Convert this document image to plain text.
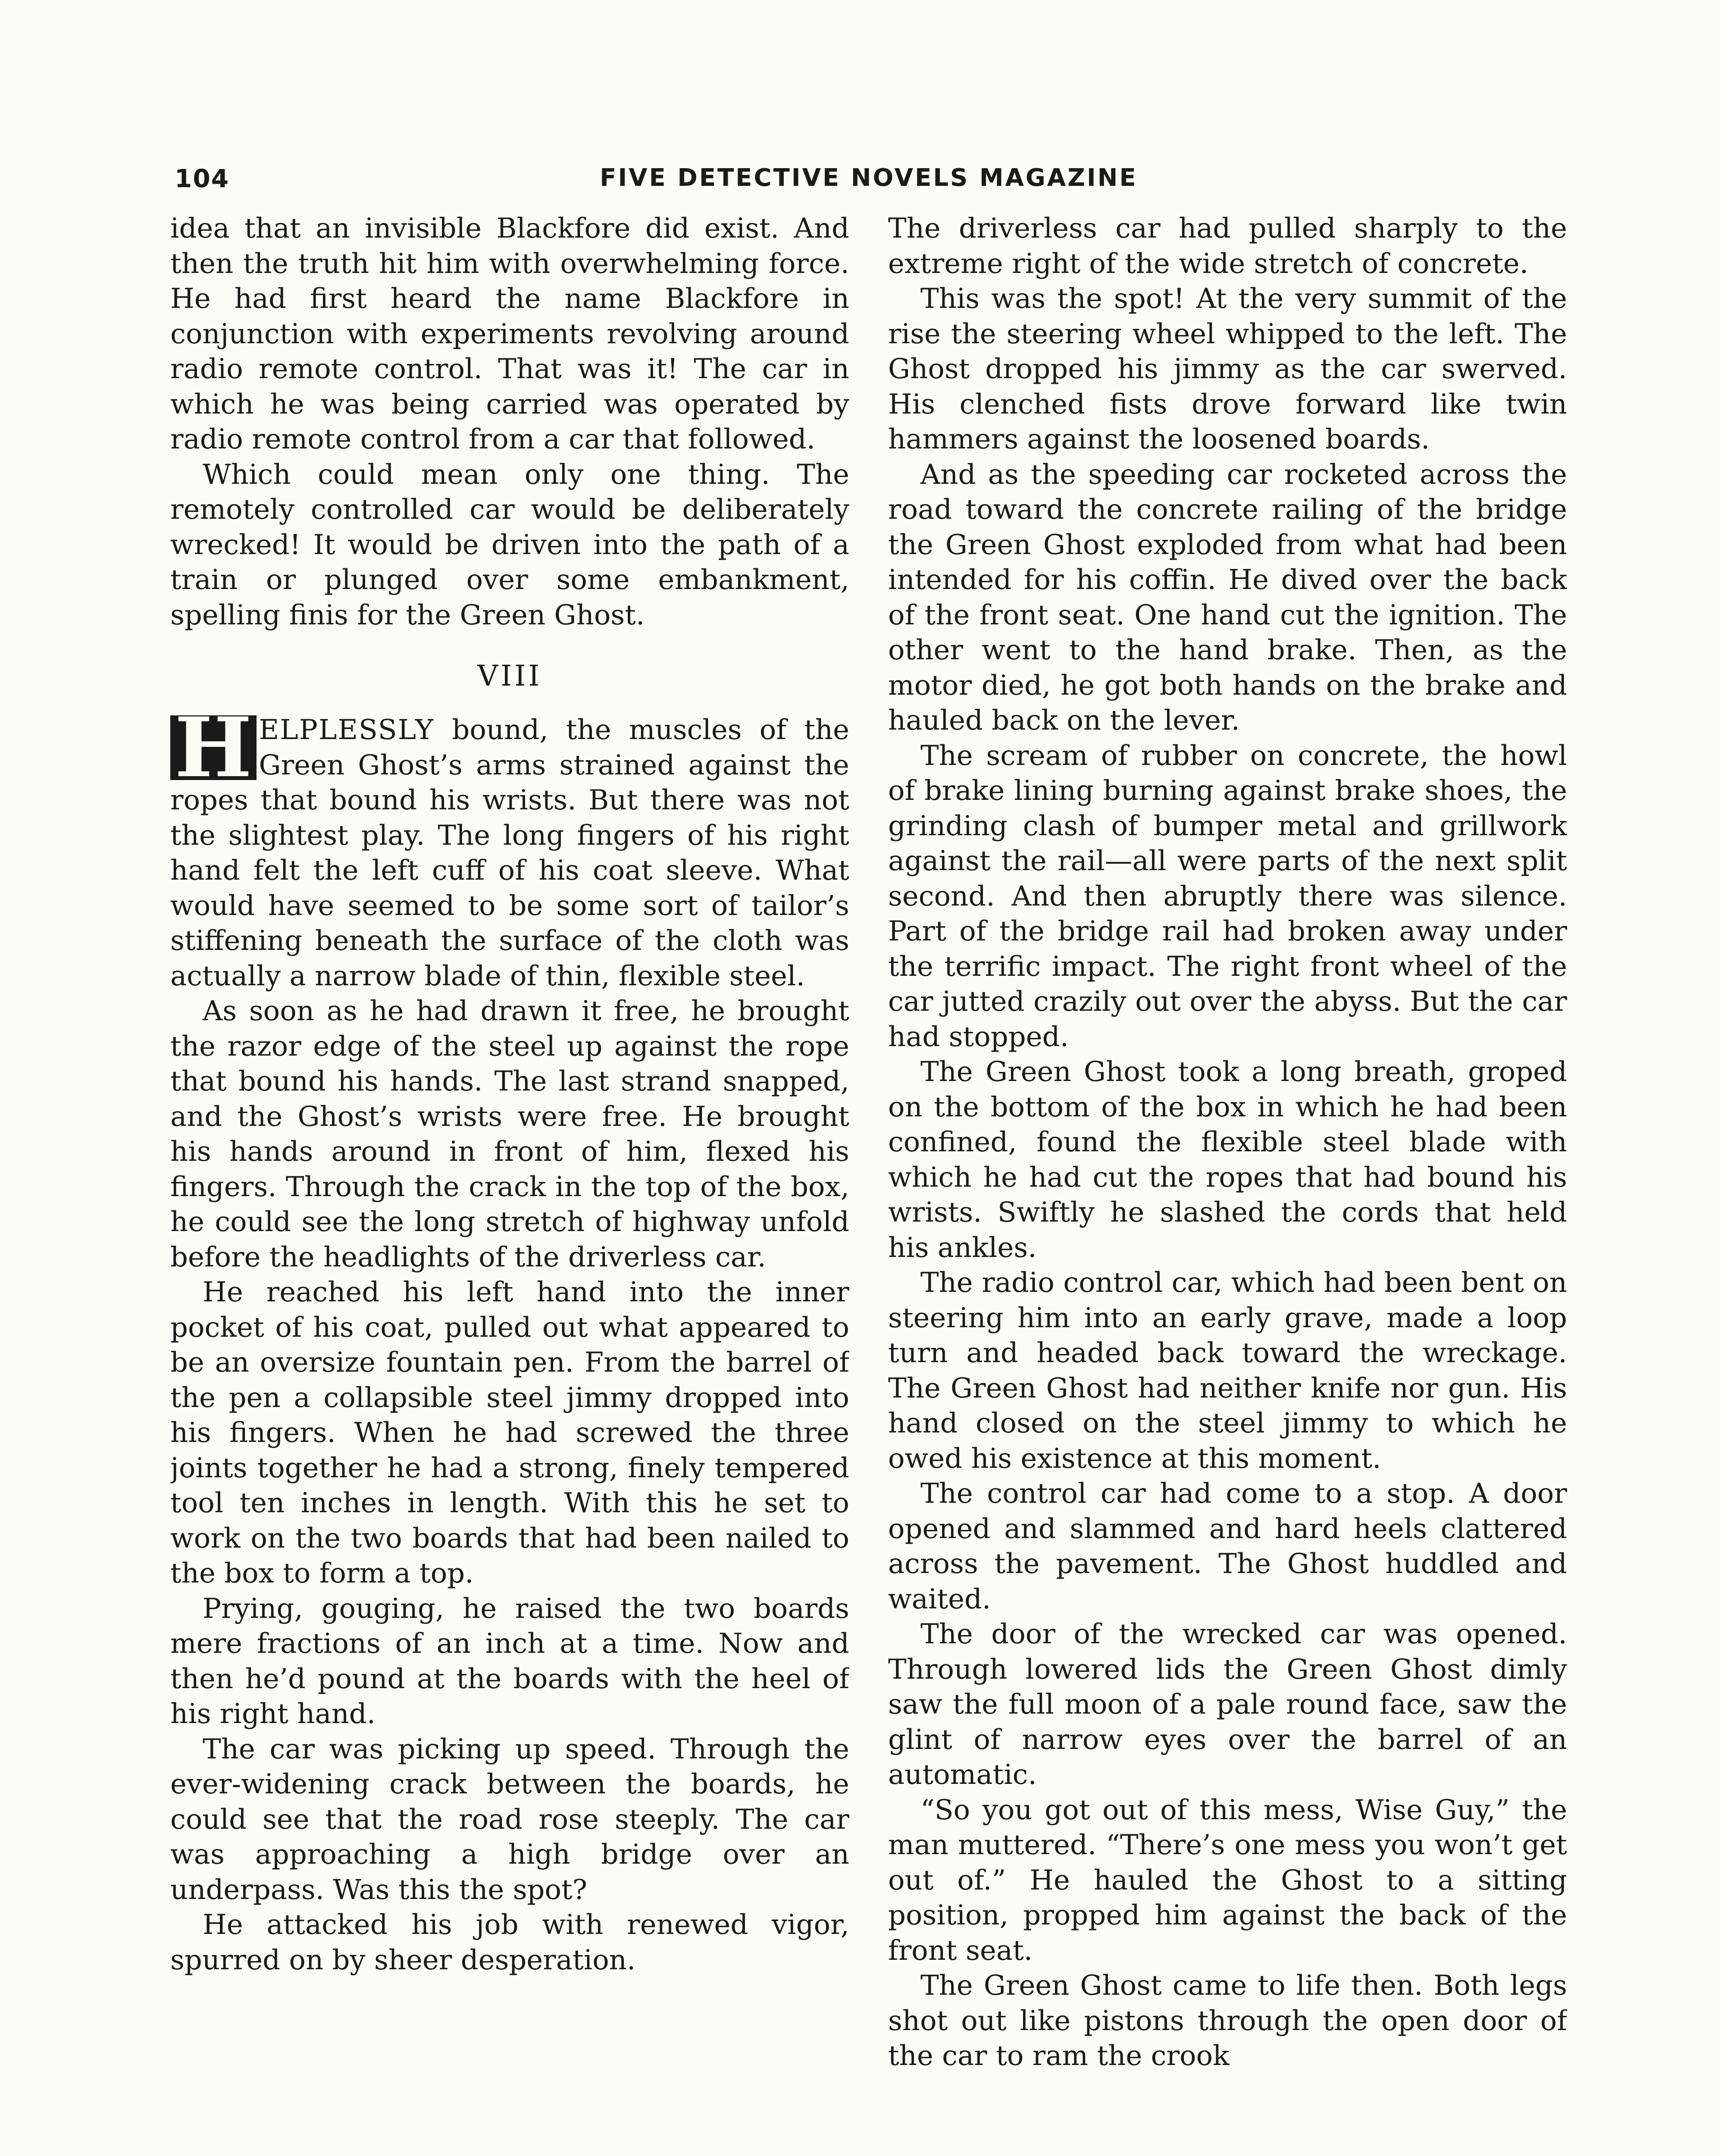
104	FIVE DETECTIVE NOVELS MAGAZINE

idea that an invisible Blackfore did exist. And then the truth hit him with overwhelming force. He had first heard the name Blackfore in conjunction with experiments revolving around radio remote control. That was it! The car in which he was being carried was operated by radio remote control from a car that followed.

Which could mean only one thing. The remotely controlled car would be deliberately wrecked! It would be driven into the path of a train or plunged over some embankment, spelling finis for the Green Ghost.

VIII

H ELPLESSLY bound, the muscles of the Green Ghost’s arms strained against the ropes that bound his wrists. But there was not the slightest play. The long fingers of his right hand felt the left cuff of his coat sleeve. What would have seemed to be some sort of tailor’s stiffening beneath the surface of the cloth was actually a narrow blade of thin, flexible steel.

As soon as he had drawn it free, he brought the razor edge of the steel up against the rope that bound his hands. The last strand snapped, and the Ghost’s wrists were free. He brought his hands around in front of him, flexed his fingers. Through the crack in the top of the box, he could see the long stretch of highway unfold before the headlights of the driverless car.

He reached his left hand into the inner pocket of his coat, pulled out what appeared to be an oversize fountain pen. From the barrel of the pen a collapsible steel jimmy dropped into his fingers. When he had screwed the three joints together he had a strong, finely tempered tool ten inches in length. With this he set to work on the two boards that had been nailed to the box to form a top.

Prying, gouging, he raised the two boards mere fractions of an inch at a time. Now and then he’d pound at the boards with the heel of his right hand.

The car was picking up speed. Through the ever-widening crack between the boards, he could see that the road rose steeply. The car was approaching a high bridge over an underpass. Was this the spot?

He attacked his job with renewed vigor, spurred on by sheer desperation.

The driverless car had pulled sharply to the extreme right of the wide stretch of concrete.

This was the spot! At the very summit of the rise the steering wheel whipped to the left. The Ghost dropped his jimmy as the car swerved. His clenched fists drove forward like twin hammers against the loosened boards.

And as the speeding car rocketed across the road toward the concrete railing of the bridge the Green Ghost exploded from what had been intended for his coffin. He dived over the back of the front seat. One hand cut the ignition. The other went to the hand brake. Then, as the motor died, he got both hands on the brake and hauled back on the lever.

The scream of rubber on concrete, the howl of brake lining burning against brake shoes, the grinding clash of bumper metal and grillwork against the rail—all were parts of the next split second. And then abruptly there was silence. Part of the bridge rail had broken away under the terrific impact. The right front wheel of the car jutted crazily out over the abyss. But the car had stopped.

The Green Ghost took a long breath, groped on the bottom of the box in which he had been confined, found the flexible steel blade with which he had cut the ropes that had bound his wrists. Swiftly he slashed the cords that held his ankles.

The radio control car, which had been bent on steering him into an early grave, made a loop turn and headed back toward the wreckage. The Green Ghost had neither knife nor gun. His hand closed on the steel jimmy to which he owed his existence at this moment.

The control car had come to a stop. A door opened and slammed and hard heels clattered across the pavement. The Ghost huddled and waited.

The door of the wrecked car was opened. Through lowered lids the Green Ghost dimly saw the full moon of a pale round face, saw the glint of narrow eyes over the barrel of an automatic.

“So you got out of this mess, Wise Guy,” the man muttered. “There’s one mess you won’t get out of.” He hauled the Ghost to a sitting position, propped him against the back of the front seat.

The Green Ghost came to life then. Both legs shot out like pistons through the open door of the car to ram the crook
